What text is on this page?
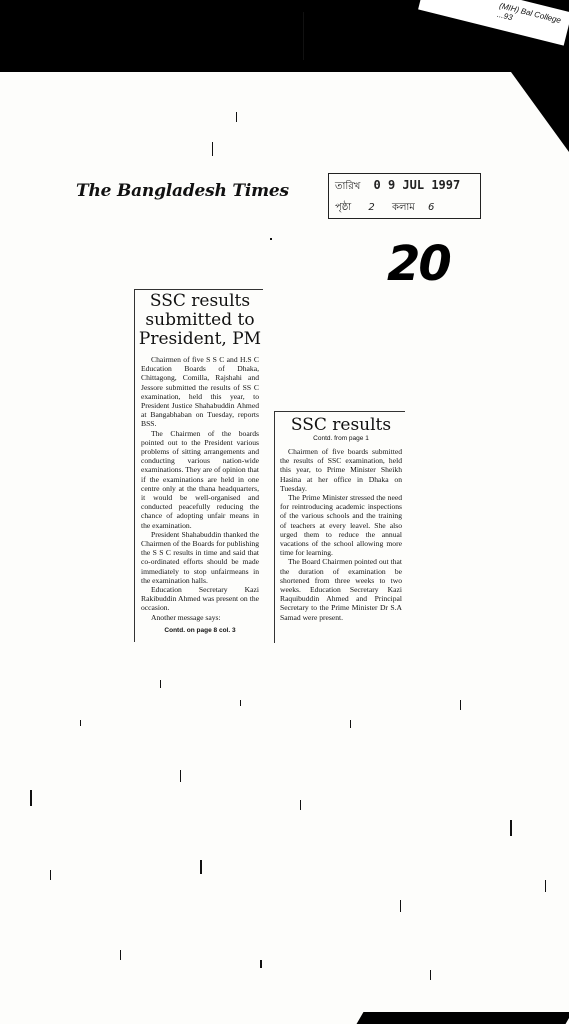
(MIH) Bal College ...93
The Bangladesh Times	তারিখ 0 9 JUL 1997
পৃষ্ঠা 2 কলাম 6
20
SSC results submitted to President, PM

Chairmen of five S S C and H.S C Education Boards of Dhaka, Chittagong, Comilla, Rajshahi and Jessore submitted the results of SS C examination, held this year, to President Justice Shahabuddin Ahmed at Bangabhaban on Tuesday, reports BSS.

The Chairmen of the boards pointed out to the President various problems of sitting arrangements and conducting various nation-wide examinations. They are of opinion that if the examinations are held in one centre only at the thana headquarters, it would be well-organised and conducted peacefully reducing the chance of adopting unfair means in the examination.

President Shahabuddin thanked the Chairmen of the Boards for publishing the S S C results in time and said that co-ordinated efforts should be made immediately to stop unfairmeans in the examination halls.

Education Secretary Kazi Rakibuddin Ahmed was present on the occasion.

Another message says:

Contd. on page 8 col. 3
SSC results
Contd. from page 1

Chairmen of five boards submitted the results of SSC examination, held this year, to Prime Minister Sheikh Hasina at her office in Dhaka on Tuesday.

The Prime Minister stressed the need for reintroducing academic inspections of the various schools and the training of teachers at every leavel. She also urged them to reduce the annual vacations of the school allowing more time for learning.

The Board Chairmen pointed out that the duration of examination be shortened from three weeks to two weeks. Education Secretary Kazi Raquibuddin Ahmed and Principal Secretary to the Prime Minister Dr S.A Samad were present.
